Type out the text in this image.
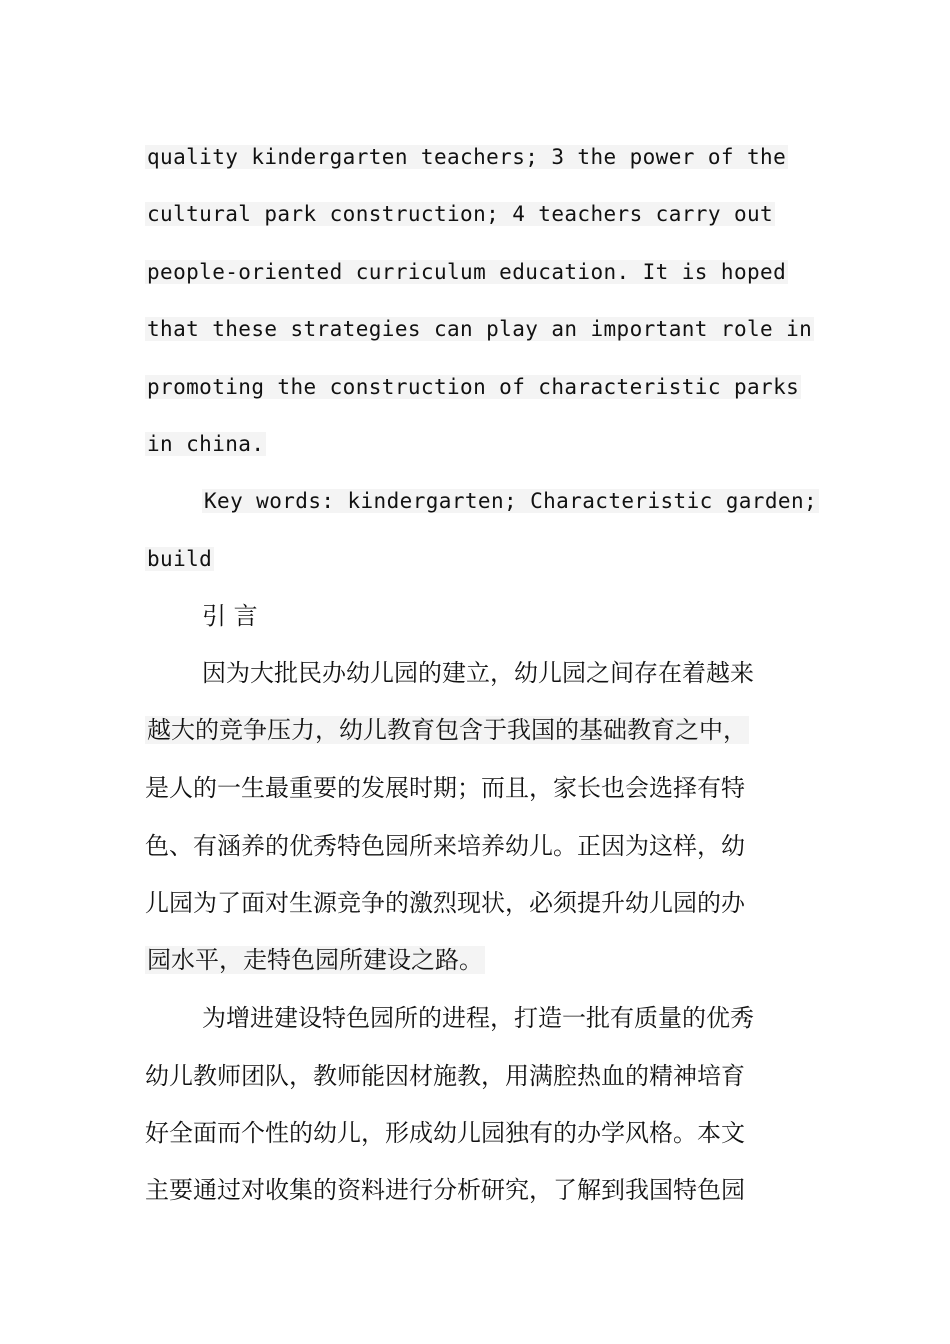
quality kindergarten teachers; 3 the power of the
cultural park construction; 4 teachers carry out
people-oriented curriculum education. It is hoped
that these strategies can play an important role in
promoting the construction of characteristic parks
in china.
Key words: kindergarten; Characteristic garden;
build
引 言
因为大批民办幼儿园的建立，幼儿园之间存在着越来
越大的竞争压力，幼儿教育包含于我国的基础教育之中，
是人的一生最重要的发展时期；而且，家长也会选择有特
色、有涵养的优秀特色园所来培养幼儿。正因为这样，幼
儿园为了面对生源竞争的激烈现状，必须提升幼儿园的办
园水平，走特色园所建设之路。
为增进建设特色园所的进程，打造一批有质量的优秀
幼儿教师团队，教师能因材施教，用满腔热血的精神培育
好全面而个性的幼儿，形成幼儿园独有的办学风格。本文
主要通过对收集的资料进行分析研究，了解到我国特色园
